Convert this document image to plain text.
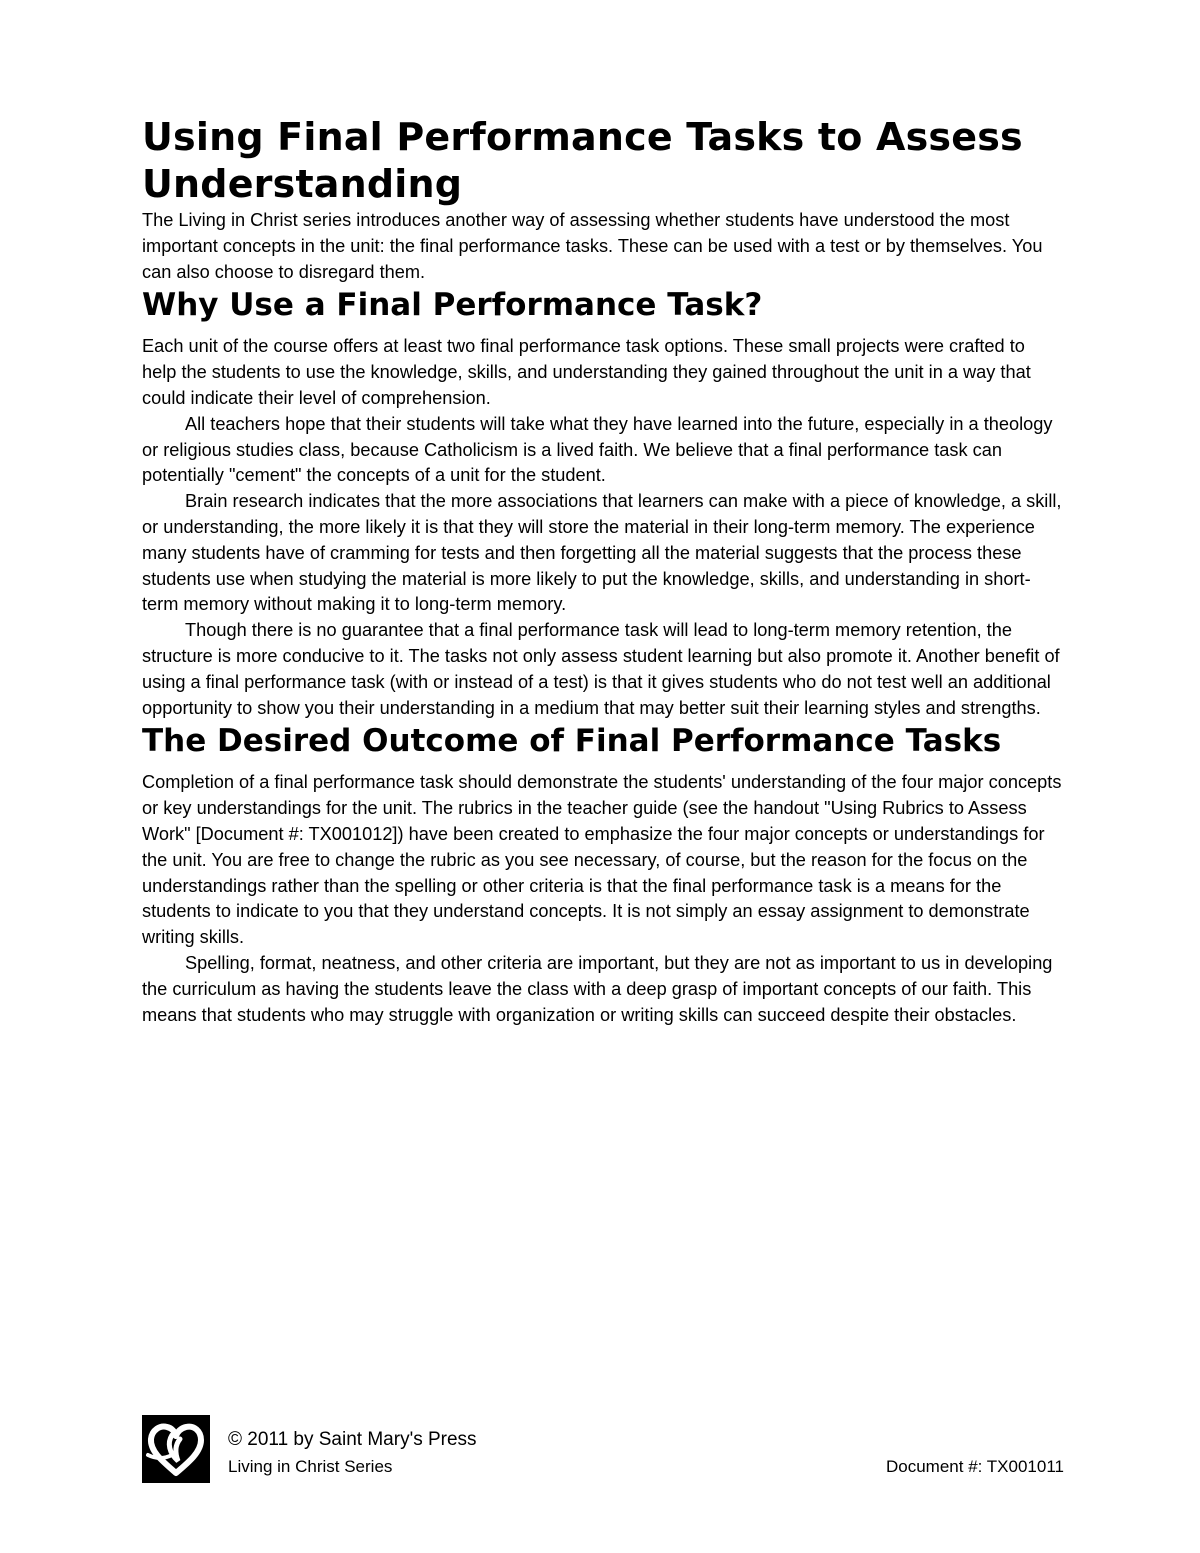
Using Final Performance Tasks to Assess Understanding

The Living in Christ series introduces another way of assessing whether students have understood the most important concepts in the unit: the final performance tasks. These can be used with a test or by themselves. You can also choose to disregard them.

Why Use a Final Performance Task?

Each unit of the course offers at least two final performance task options. These small projects were crafted to help the students to use the knowledge, skills, and understanding they gained throughout the unit in a way that could indicate their level of comprehension.

All teachers hope that their students will take what they have learned into the future, especially in a theology or religious studies class, because Catholicism is a lived faith. We believe that a final performance task can potentially "cement" the concepts of a unit for the student.

Brain research indicates that the more associations that learners can make with a piece of knowledge, a skill, or understanding, the more likely it is that they will store the material in their long-term memory. The experience many students have of cramming for tests and then forgetting all the material suggests that the process these students use when studying the material is more likely to put the knowledge, skills, and understanding in short-term memory without making it to long-term memory.

Though there is no guarantee that a final performance task will lead to long-term memory retention, the structure is more conducive to it. The tasks not only assess student learning but also promote it. Another benefit of using a final performance task (with or instead of a test) is that it gives students who do not test well an additional opportunity to show you their understanding in a medium that may better suit their learning styles and strengths.

The Desired Outcome of Final Performance Tasks

Completion of a final performance task should demonstrate the students' understanding of the four major concepts or key understandings for the unit. The rubrics in the teacher guide (see the handout "Using Rubrics to Assess Work" [Document #: TX001012]) have been created to emphasize the four major concepts or understandings for the unit. You are free to change the rubric as you see necessary, of course, but the reason for the focus on the understandings rather than the spelling or other criteria is that the final performance task is a means for the students to indicate to you that they understand concepts. It is not simply an essay assignment to demonstrate writing skills.

Spelling, format, neatness, and other criteria are important, but they are not as important to us in developing the curriculum as having the students leave the class with a deep grasp of important concepts of our faith. This means that students who may struggle with organization or writing skills can succeed despite their obstacles.

© 2011 by Saint Mary's Press
Living in Christ Series	Document #: TX001011
